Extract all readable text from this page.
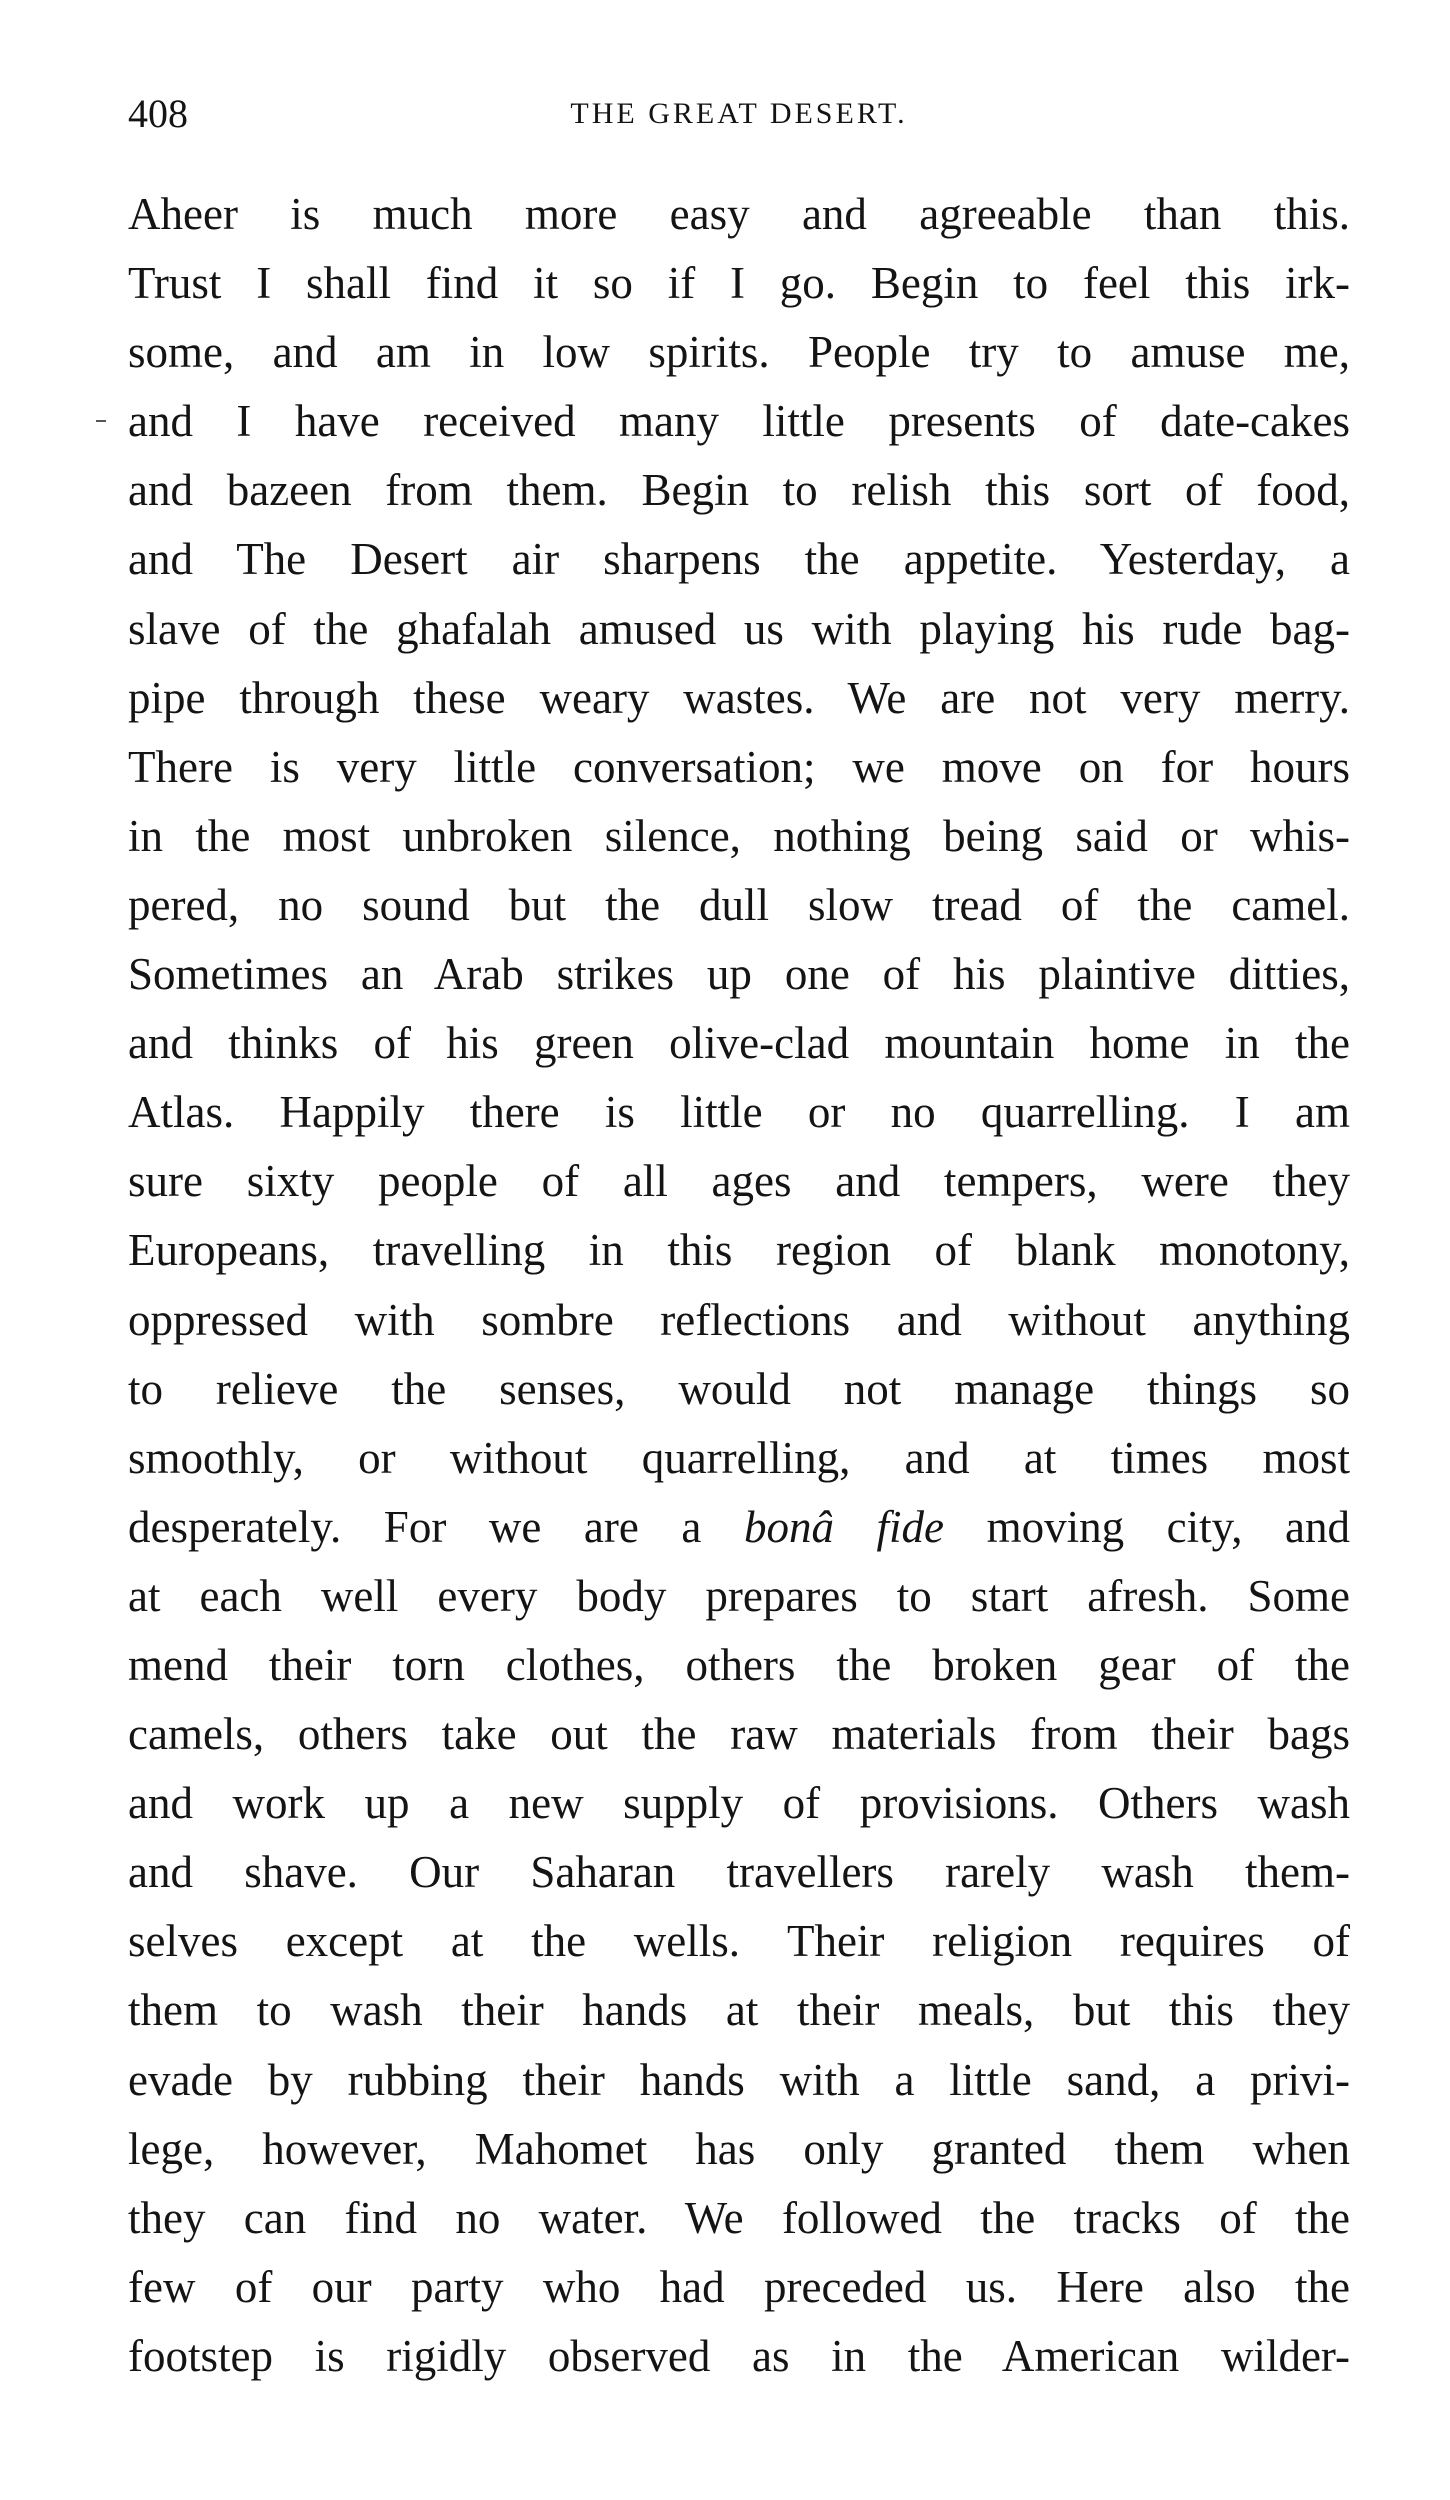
408	THE GREAT DESERT.
Aheer is much more easy and agreeable than this.
Trust I shall find it so if I go. Begin to feel this irk-
some, and am in low spirits. People try to amuse me,
and I have received many little presents of date-cakes
and bazeen from them. Begin to relish this sort of food,
and The Desert air sharpens the appetite. Yesterday, a
slave of the ghafalah amused us with playing his rude bag-
pipe through these weary wastes. We are not very merry.
There is very little conversation; we move on for hours
in the most unbroken silence, nothing being said or whis-
pered, no sound but the dull slow tread of the camel.
Sometimes an Arab strikes up one of his plaintive ditties,
and thinks of his green olive-clad mountain home in the
Atlas. Happily there is little or no quarrelling. I am
sure sixty people of all ages and tempers, were they
Europeans, travelling in this region of blank monotony,
oppressed with sombre reflections and without anything
to relieve the senses, would not manage things so
smoothly, or without quarrelling, and at times most
desperately. For we are a bonâ fide moving city, and
at each well every body prepares to start afresh. Some
mend their torn clothes, others the broken gear of the
camels, others take out the raw materials from their bags
and work up a new supply of provisions. Others wash
and shave. Our Saharan travellers rarely wash them-
selves except at the wells. Their religion requires of
them to wash their hands at their meals, but this they
evade by rubbing their hands with a little sand, a privi-
lege, however, Mahomet has only granted them when
they can find no water. We followed the tracks of the
few of our party who had preceded us. Here also the
footstep is rigidly observed as in the American wilder-
